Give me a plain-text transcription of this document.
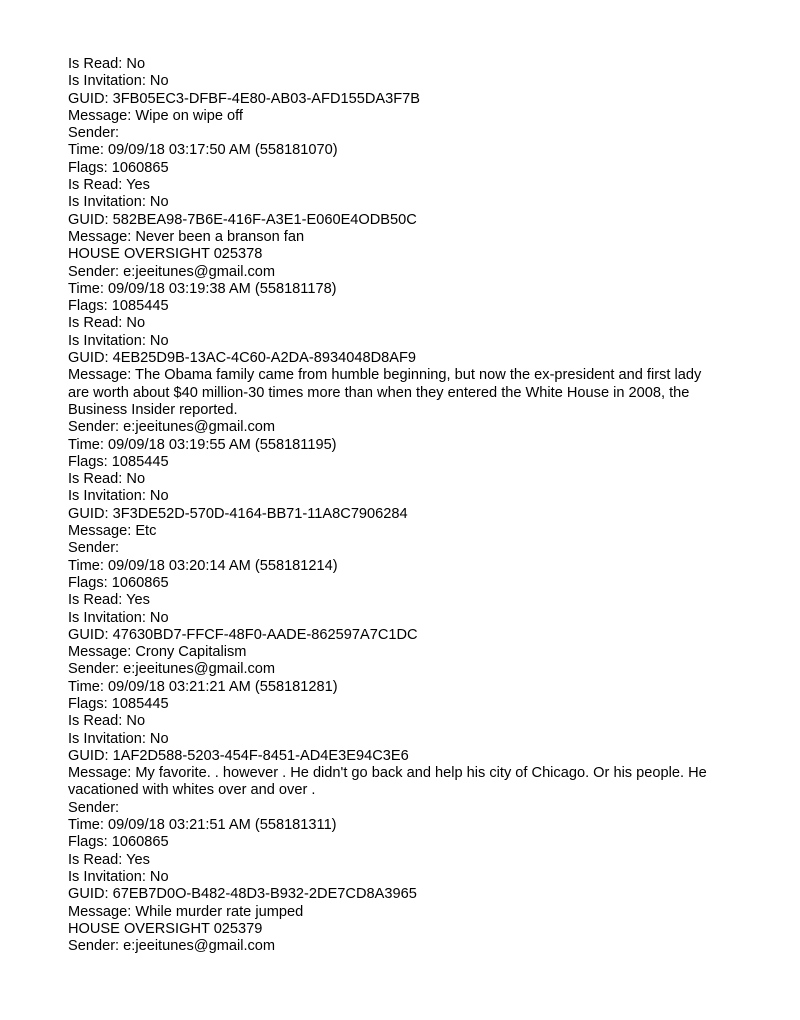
Is Read: No
Is Invitation: No
GUID: 3FB05EC3-DFBF-4E80-AB03-AFD155DA3F7B
Message: Wipe on wipe off
Sender:
Time: 09/09/18 03:17:50 AM (558181070)
Flags: 1060865
Is Read: Yes
Is Invitation: No
GUID: 582BEA98-7B6E-416F-A3E1-E060E4ODB50C
Message: Never been a branson fan
HOUSE OVERSIGHT 025378
Sender: e:jeeitunes@gmail.com
Time: 09/09/18 03:19:38 AM (558181178)
Flags: 1085445
Is Read: No
Is Invitation: No
GUID: 4EB25D9B-13AC-4C60-A2DA-8934048D8AF9
Message: The Obama family came from humble beginning, but now the ex-president and first lady are worth about $40 million-30 times more than when they entered the White House in 2008, the Business Insider reported.
Sender: e:jeeitunes@gmail.com
Time: 09/09/18 03:19:55 AM (558181195)
Flags: 1085445
Is Read: No
Is Invitation: No
GUID: 3F3DE52D-570D-4164-BB71-11A8C7906284
Message: Etc
Sender:
Time: 09/09/18 03:20:14 AM (558181214)
Flags: 1060865
Is Read: Yes
Is Invitation: No
GUID: 47630BD7-FFCF-48F0-AADE-862597A7C1DC
Message: Crony Capitalism
Sender: e:jeeitunes@gmail.com
Time: 09/09/18 03:21:21 AM (558181281)
Flags: 1085445
Is Read: No
Is Invitation: No
GUID: 1AF2D588-5203-454F-8451-AD4E3E94C3E6
Message: My favorite. . however . He didn't go back and help his city of Chicago. Or his people. He vacationed with whites over and over .
Sender:
Time: 09/09/18 03:21:51 AM (558181311)
Flags: 1060865
Is Read: Yes
Is Invitation: No
GUID: 67EB7D0O-B482-48D3-B932-2DE7CD8A3965
Message: While murder rate jumped
HOUSE OVERSIGHT 025379
Sender: e:jeeitunes@gmail.com
